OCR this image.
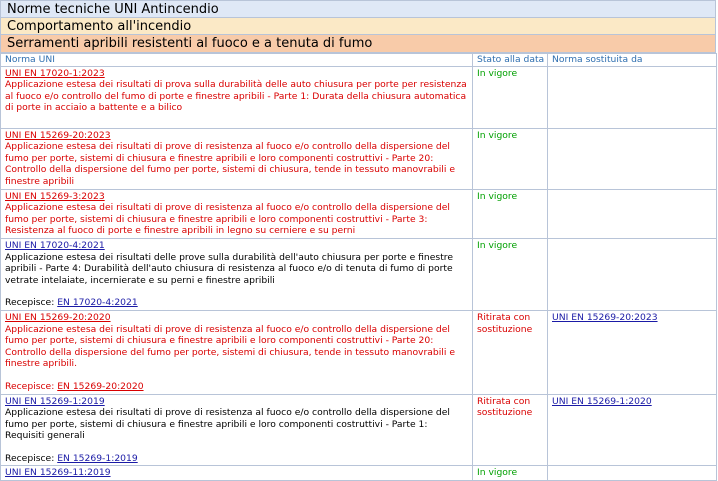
Norme tecniche UNI Antincendio
Comportamento all'incendio
Serramenti apribili resistenti al fuoco e a tenuta di fumo
Norma UNI	Stato alla data	Norma sostituita da
UNI EN 17020-1:2023
Applicazione estesa dei risultati di prova sulla durabilità delle auto chiusura per porte per resistenza al fuoco e/o controllo del fumo di porte e finestre apribili - Parte 1: Durata della chiusura automatica di porte in acciaio a battente e a bilico	In vigore	
UNI EN 15269-20:2023
Applicazione estesa dei risultati di prove di resistenza al fuoco e/o controllo della dispersione del fumo per porte, sistemi di chiusura e finestre apribili e loro componenti costruttivi - Parte 20: Controllo della dispersione del fumo per porte, sistemi di chiusura, tende in tessuto manovrabili e finestre apribili	In vigore	
UNI EN 15269-3:2023
Applicazione estesa dei risultati di prove di resistenza al fuoco e/o controllo della dispersione del fumo per porte, sistemi di chiusura e finestre apribili e loro componenti costruttivi - Parte 3: Resistenza al fuoco di porte e finestre apribili in legno su cerniere e su perni	In vigore	
UNI EN 17020-4:2021
Applicazione estesa dei risultati delle prove sulla durabilità dell'auto chiusura per porte e finestre apribili - Parte 4: Durabilità dell'auto chiusura di resistenza al fuoco e/o di tenuta di fumo di porte vetrate intelaiate, incernierate e su perni e finestre apribili
Recepisce: EN 17020-4:2021	In vigore	
UNI EN 15269-20:2020
Applicazione estesa dei risultati di prove di resistenza al fuoco e/o controllo della dispersione del fumo per porte, sistemi di chiusura e finestre apribili e loro componenti costruttivi - Parte 20: Controllo della dispersione del fumo per porte, sistemi di chiusura, tende in tessuto manovrabili e finestre apribili.
Recepisce: EN 15269-20:2020	Ritirata con sostituzione	UNI EN 15269-20:2023
UNI EN 15269-1:2019
Applicazione estesa dei risultati di prove di resistenza al fuoco e/o controllo della dispersione del fumo per porte, sistemi di chiusura e finestre apribili e loro componenti costruttivi - Parte 1: Requisiti generali
Recepisce: EN 15269-1:2019	Ritirata con sostituzione	UNI EN 15269-1:2020
UNI EN 15269-11:2019	In vigore	
